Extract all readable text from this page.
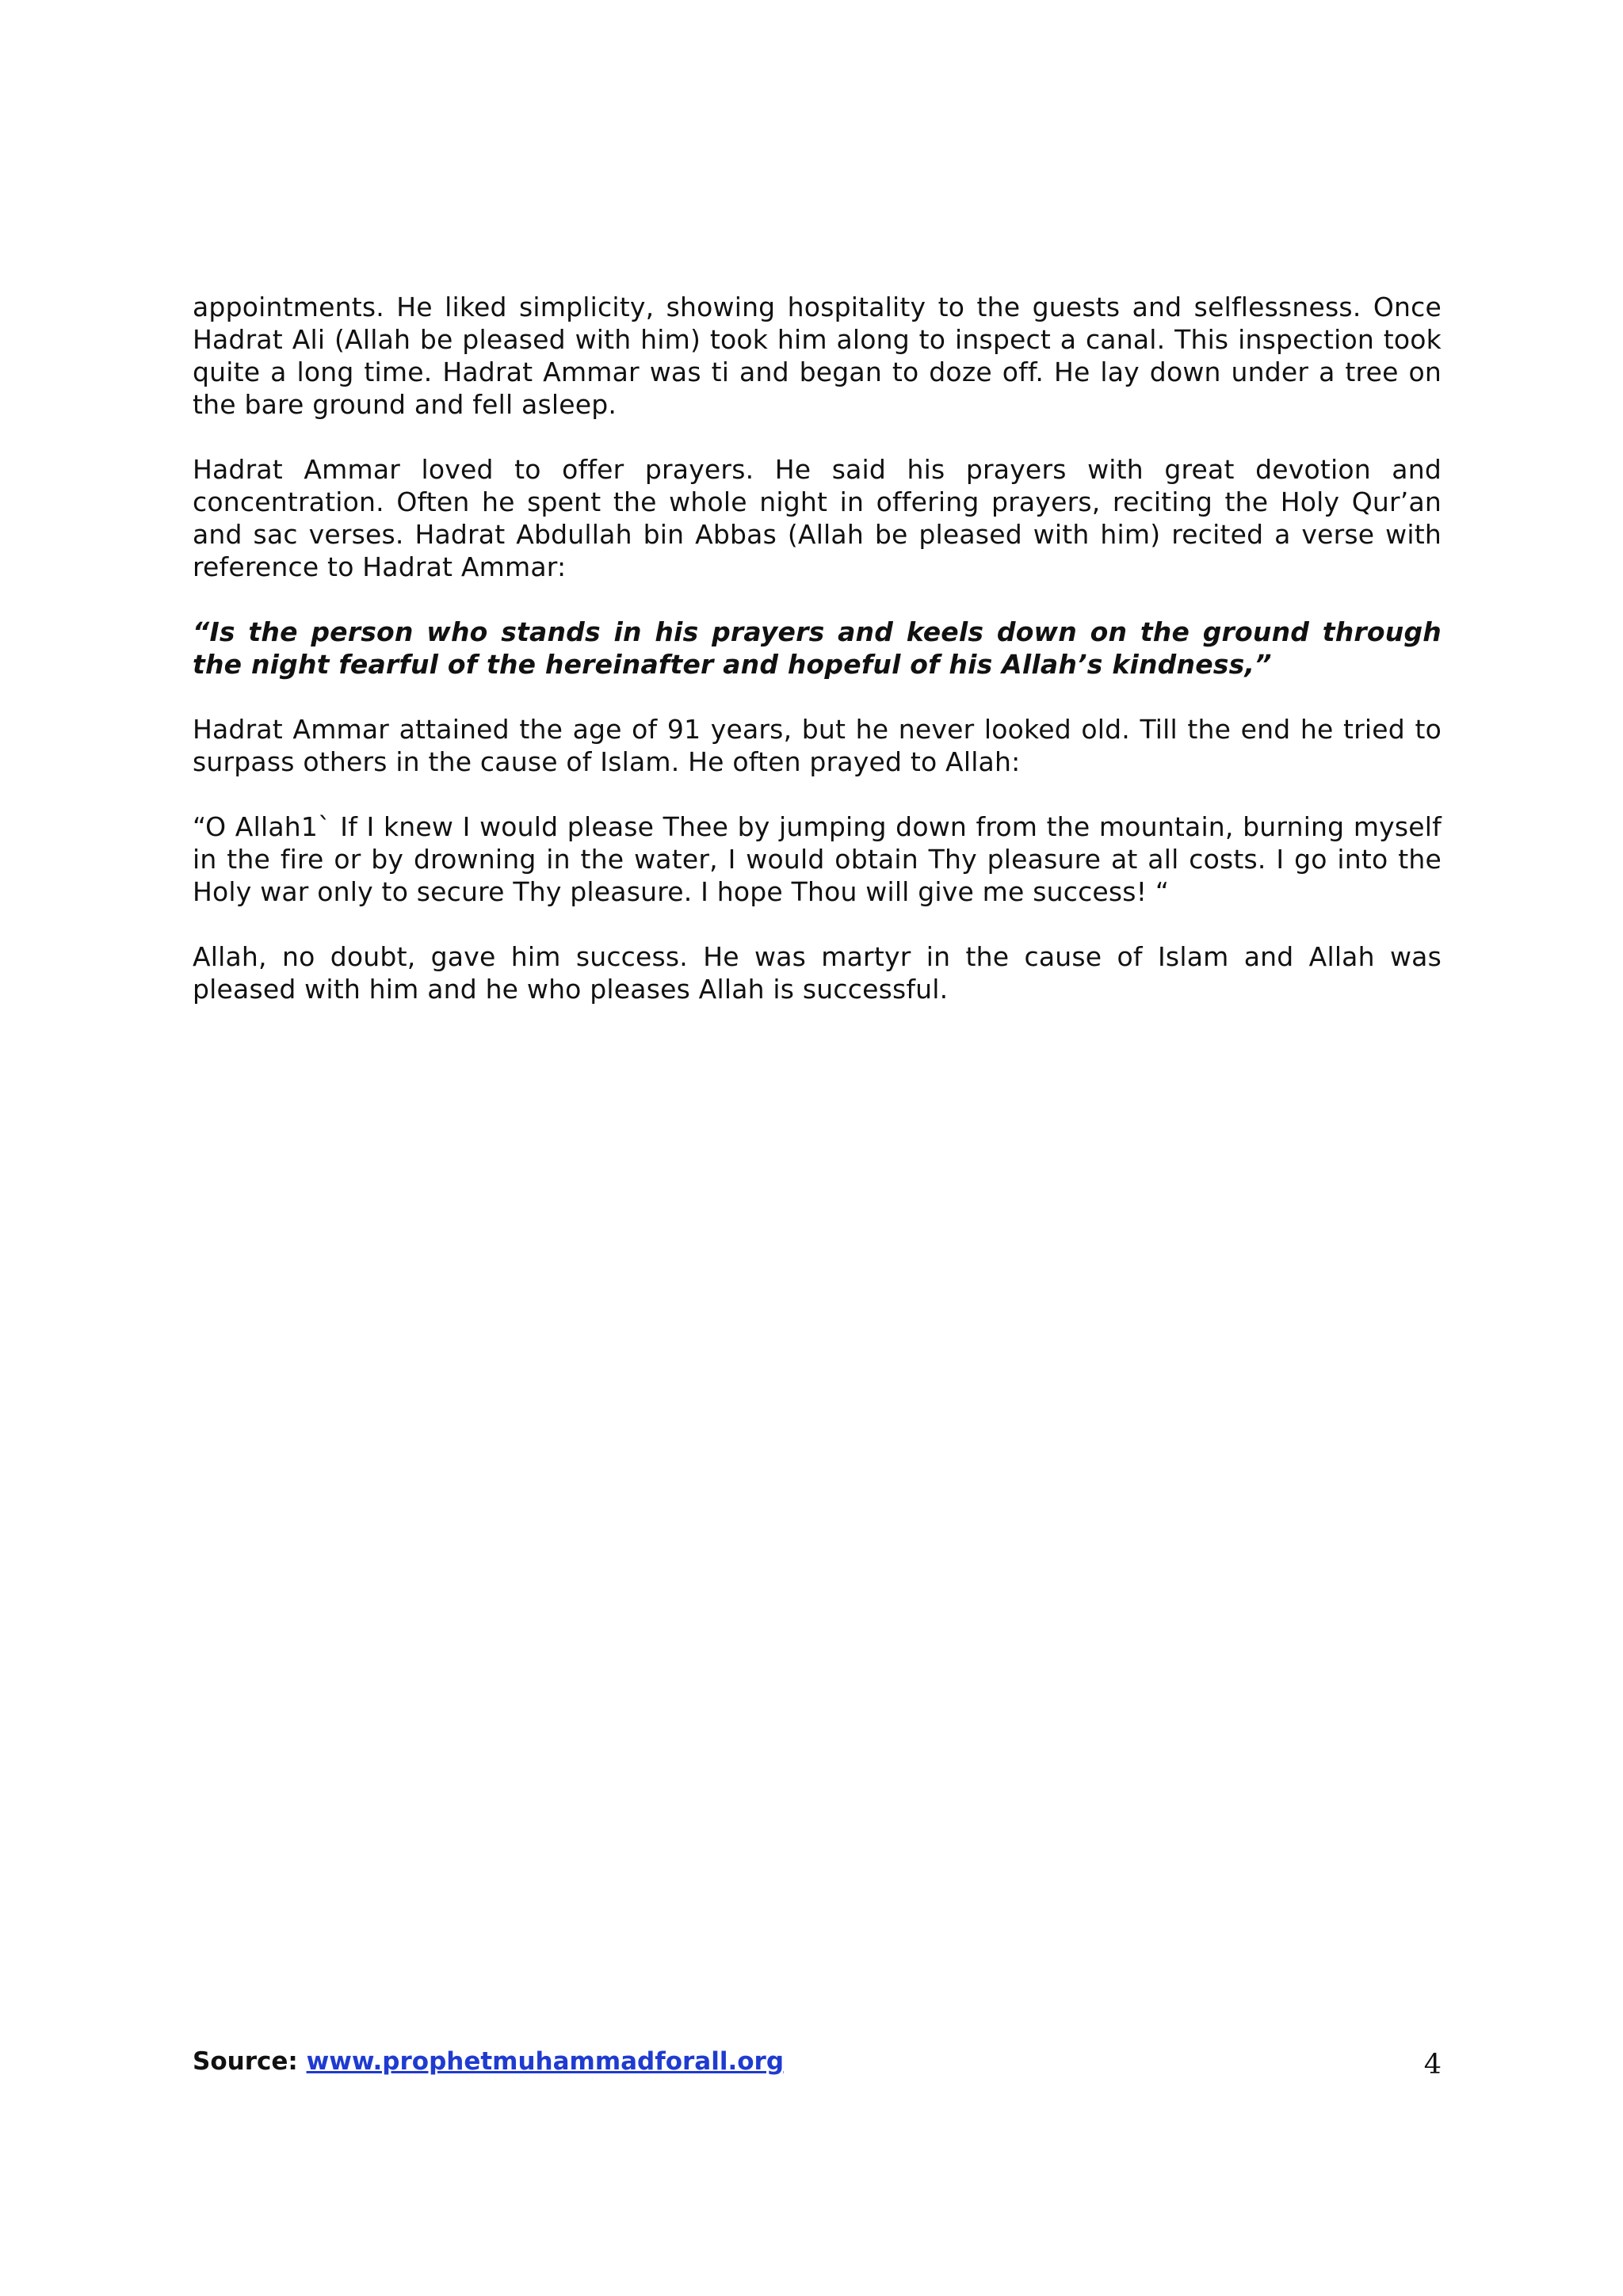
appointments. He liked simplicity, showing hospitality to the guests and selflessness. Once Hadrat Ali (Allah be pleased with him) took him along to inspect a canal. This inspection took quite a long time. Hadrat Ammar was ti and began to doze off. He lay down under a tree on the bare ground and fell asleep.

Hadrat Ammar loved to offer prayers. He said his prayers with great devotion and concentration. Often he spent the whole night in offering prayers, reciting the Holy Qur’an and sac verses. Hadrat Abdullah bin Abbas (Allah be pleased with him) recited a verse with reference to Hadrat Ammar:

“Is the person who stands in his prayers and keels down on the ground through the night fearful of the hereinafter and hopeful of his Allah’s kindness,”

Hadrat Ammar attained the age of 91 years, but he never looked old. Till the end he tried to surpass others in the cause of Islam. He often prayed to Allah:

“O Allah1` If I knew I would please Thee by jumping down from the mountain, burning myself in the fire or by drowning in the water, I would obtain Thy pleasure at all costs. I go into the Holy war only to secure Thy pleasure. I hope Thou will give me success! “

Allah, no doubt, gave him success. He was martyr in the cause of Islam and Allah was pleased with him and he who pleases Allah is successful.

Source: www.prophetmuhammadforall.org	4
